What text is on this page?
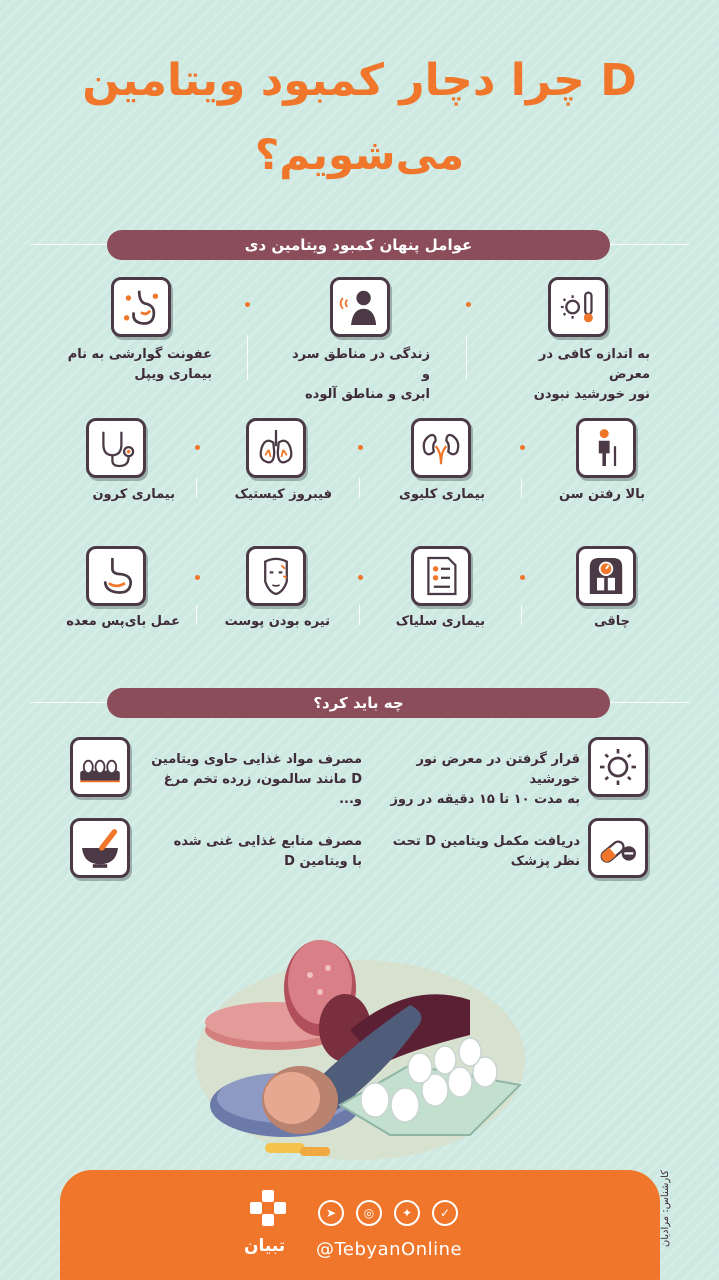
چرا دچار کمبود ویتامین D
می‌شویم؟
عوامل پنهان کمبود ویتامین دی
به اندازه کافی در معرض
نور خورشید نبودن
زندگی در مناطق سرد و
ابری و مناطق آلوده
عفونت گوارشی به نام
بیماری ویپل
بالا رفتن سن
بیماری کلیوی
فیبروز کیستیک
بیماری کرون
چاقی
بیماری سلیاک
تیره بودن پوست
عمل بای‌پس معده
چه باید کرد؟
قرار گرفتن در معرض نور خورشید
به مدت ۱۰ تا ۱۵ دقیقه در روز
مصرف مواد غذایی حاوی ویتامین
D مانند سالمون، زرده تخم مرغ و...
دریافت مکمل ویتامین D تحت
نظر پزشک
مصرف منابع غذایی غنی شده
با ویتامین D
تبیان
➤	◎	✦	✓
@TebyanOnline
کارشناس: مرادیان
